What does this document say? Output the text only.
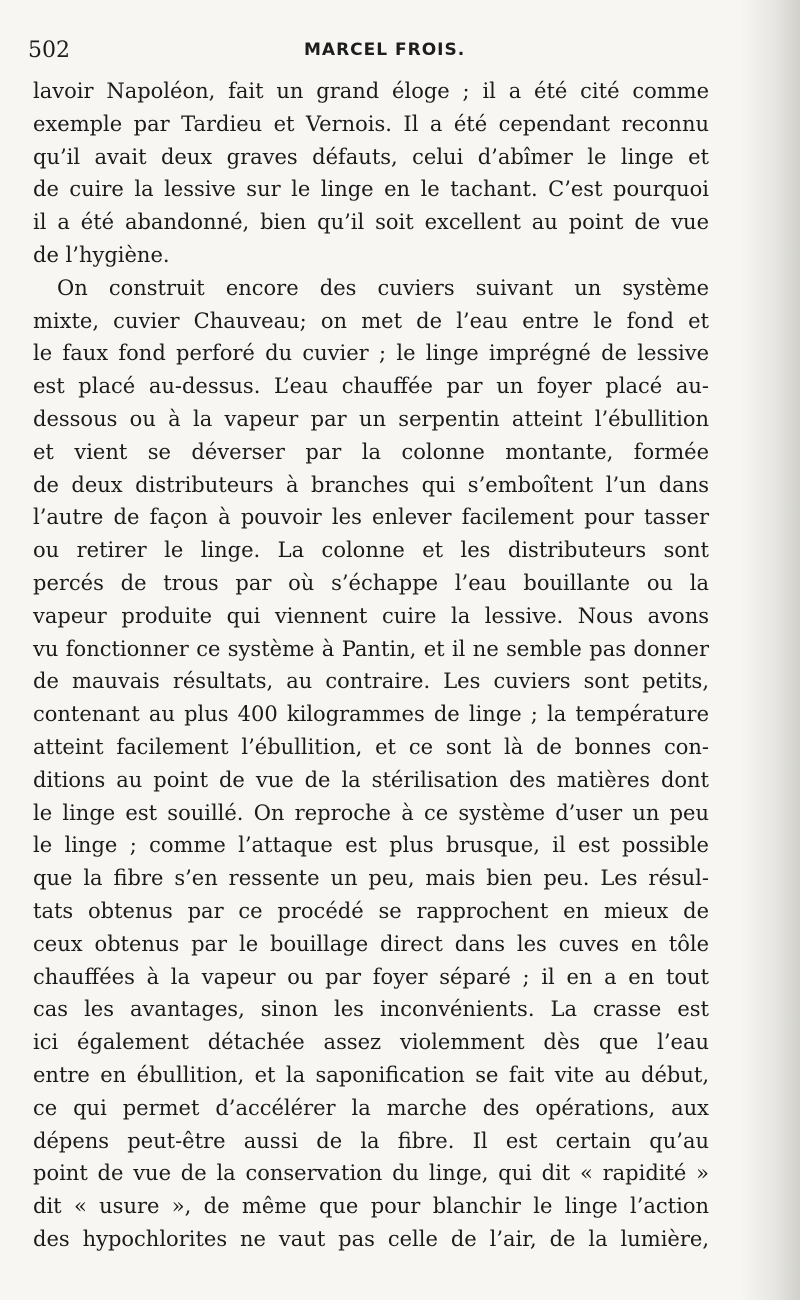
502	MARCEL FROIS.
lavoir Napoléon, fait un grand éloge ; il a été cité comme
exemple par Tardieu et Vernois. Il a été cependant reconnu
qu’il avait deux graves défauts, celui d’abîmer le linge et
de cuire la lessive sur le linge en le tachant. C’est pourquoi
il a été abandonné, bien qu’il soit excellent au point de vue
de l’hygiène.
On construit encore des cuviers suivant un système
mixte, cuvier Chauveau; on met de l’eau entre le fond et
le faux fond perforé du cuvier ; le linge imprégné de lessive
est placé au-dessus. L’eau chauffée par un foyer placé au-
dessous ou à la vapeur par un serpentin atteint l’ébullition
et vient se déverser par la colonne montante, formée
de deux distributeurs à branches qui s’emboîtent l’un dans
l’autre de façon à pouvoir les enlever facilement pour tasser
ou retirer le linge. La colonne et les distributeurs sont
percés de trous par où s’échappe l’eau bouillante ou la
vapeur produite qui viennent cuire la lessive. Nous avons
vu fonctionner ce système à Pantin, et il ne semble pas donner
de mauvais résultats, au contraire. Les cuviers sont petits,
contenant au plus 400 kilogrammes de linge ; la température
atteint facilement l’ébullition, et ce sont là de bonnes con-
ditions au point de vue de la stérilisation des matières dont
le linge est souillé. On reproche à ce système d’user un peu
le linge ; comme l’attaque est plus brusque, il est possible
que la fibre s’en ressente un peu, mais bien peu. Les résul-
tats obtenus par ce procédé se rapprochent en mieux de
ceux obtenus par le bouillage direct dans les cuves en tôle
chauffées à la vapeur ou par foyer séparé ; il en a en tout
cas les avantages, sinon les inconvénients. La crasse est
ici également détachée assez violemment dès que l’eau
entre en ébullition, et la saponification se fait vite au début,
ce qui permet d’accélérer la marche des opérations, aux
dépens peut-être aussi de la fibre. Il est certain qu’au
point de vue de la conservation du linge, qui dit « rapidité »
dit « usure », de même que pour blanchir le linge l’action
des hypochlorites ne vaut pas celle de l’air, de la lumière,
